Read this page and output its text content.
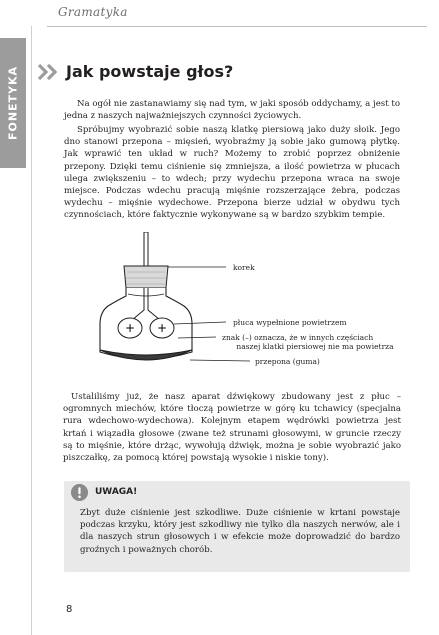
Gramatyka
FONETYKA	Jak powstaje głos?

Na ogół nie zastanawiamy się nad tym, w jaki sposób oddychamy, a jest to jedna z naszych najważniejszych czynności życiowych.

Spróbujmy wyobrazić sobie naszą klatkę piersiową jako duży słoik. Jego dno stanowi przepona – mięsień, wyobraźmy ją sobie jako gumową płytkę. Jak wprawić ten układ w ruch? Możemy to zrobić poprzez obniżenie przepony. Dzięki temu ciśnienie się zmniejsza, a ilość powietrza w płucach ulega zwiększeniu – to wdech; przy wydechu przepona wraca na swoje miejsce. Podczas wdechu pracują mięśnie rozszerzające żebra, podczas wydechu – mięśnie wydechowe. Przepona bierze udział w obydwu tych czynnościach, które faktycznie wykonywane są w bardzo szybkim tempie.

+ +
korek
płuca wypełnione powietrzem
znak (–) oznacza, że w innych częściach
naszej klatki piersiowej nie ma powietrza
przepona (guma)

Ustaliliśmy już, że nasz aparat dźwiękowy zbudowany jest z płuc – ogromnych miechów, które tłoczą powietrze w górę ku tchawicy (specjalna rura wdechowo-wydechowa). Kolejnym etapem wędrówki powietrza jest krtań i wiązadła głosowe (zwane też strunami głosowymi, w gruncie rzeczy są to mięśnie, które drżąc, wywołują dźwięk, można je sobie wyobrazić jako piszczałkę, za pomocą której powstają wysokie i niskie tony).

UWAGA!

Zbyt duże ciśnienie jest szkodliwe. Duże ciśnienie w krtani powstaje podczas krzyku, który jest szkodliwy nie tylko dla naszych nerwów, ale i dla naszych strun głosowych i w efekcie może doprowadzić do bardzo groźnych i poważnych chorób.

8
